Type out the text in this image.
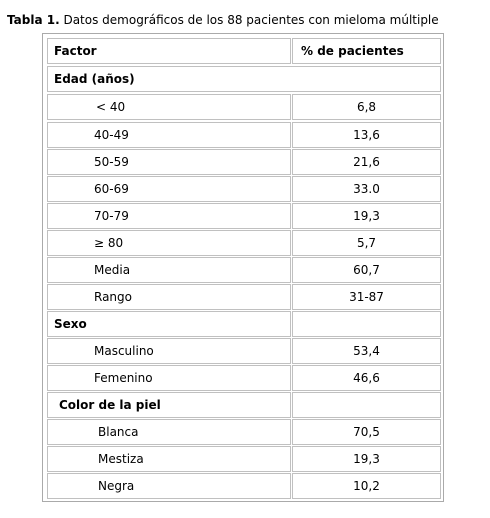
Tabla 1. Datos demográficos de los 88 pacientes con mieloma múltiple
Factor	% de pacientes
Edad (años)
< 40	6,8
40-49	13,6
50-59	21,6
60-69	33.0
70-79	19,3
≥ 80	5,7
Media	60,7
Rango	31-87
Sexo
Masculino	53,4
Femenino	46,6
Color de la piel
Blanca	70,5
Mestiza	19,3
Negra	10,2
